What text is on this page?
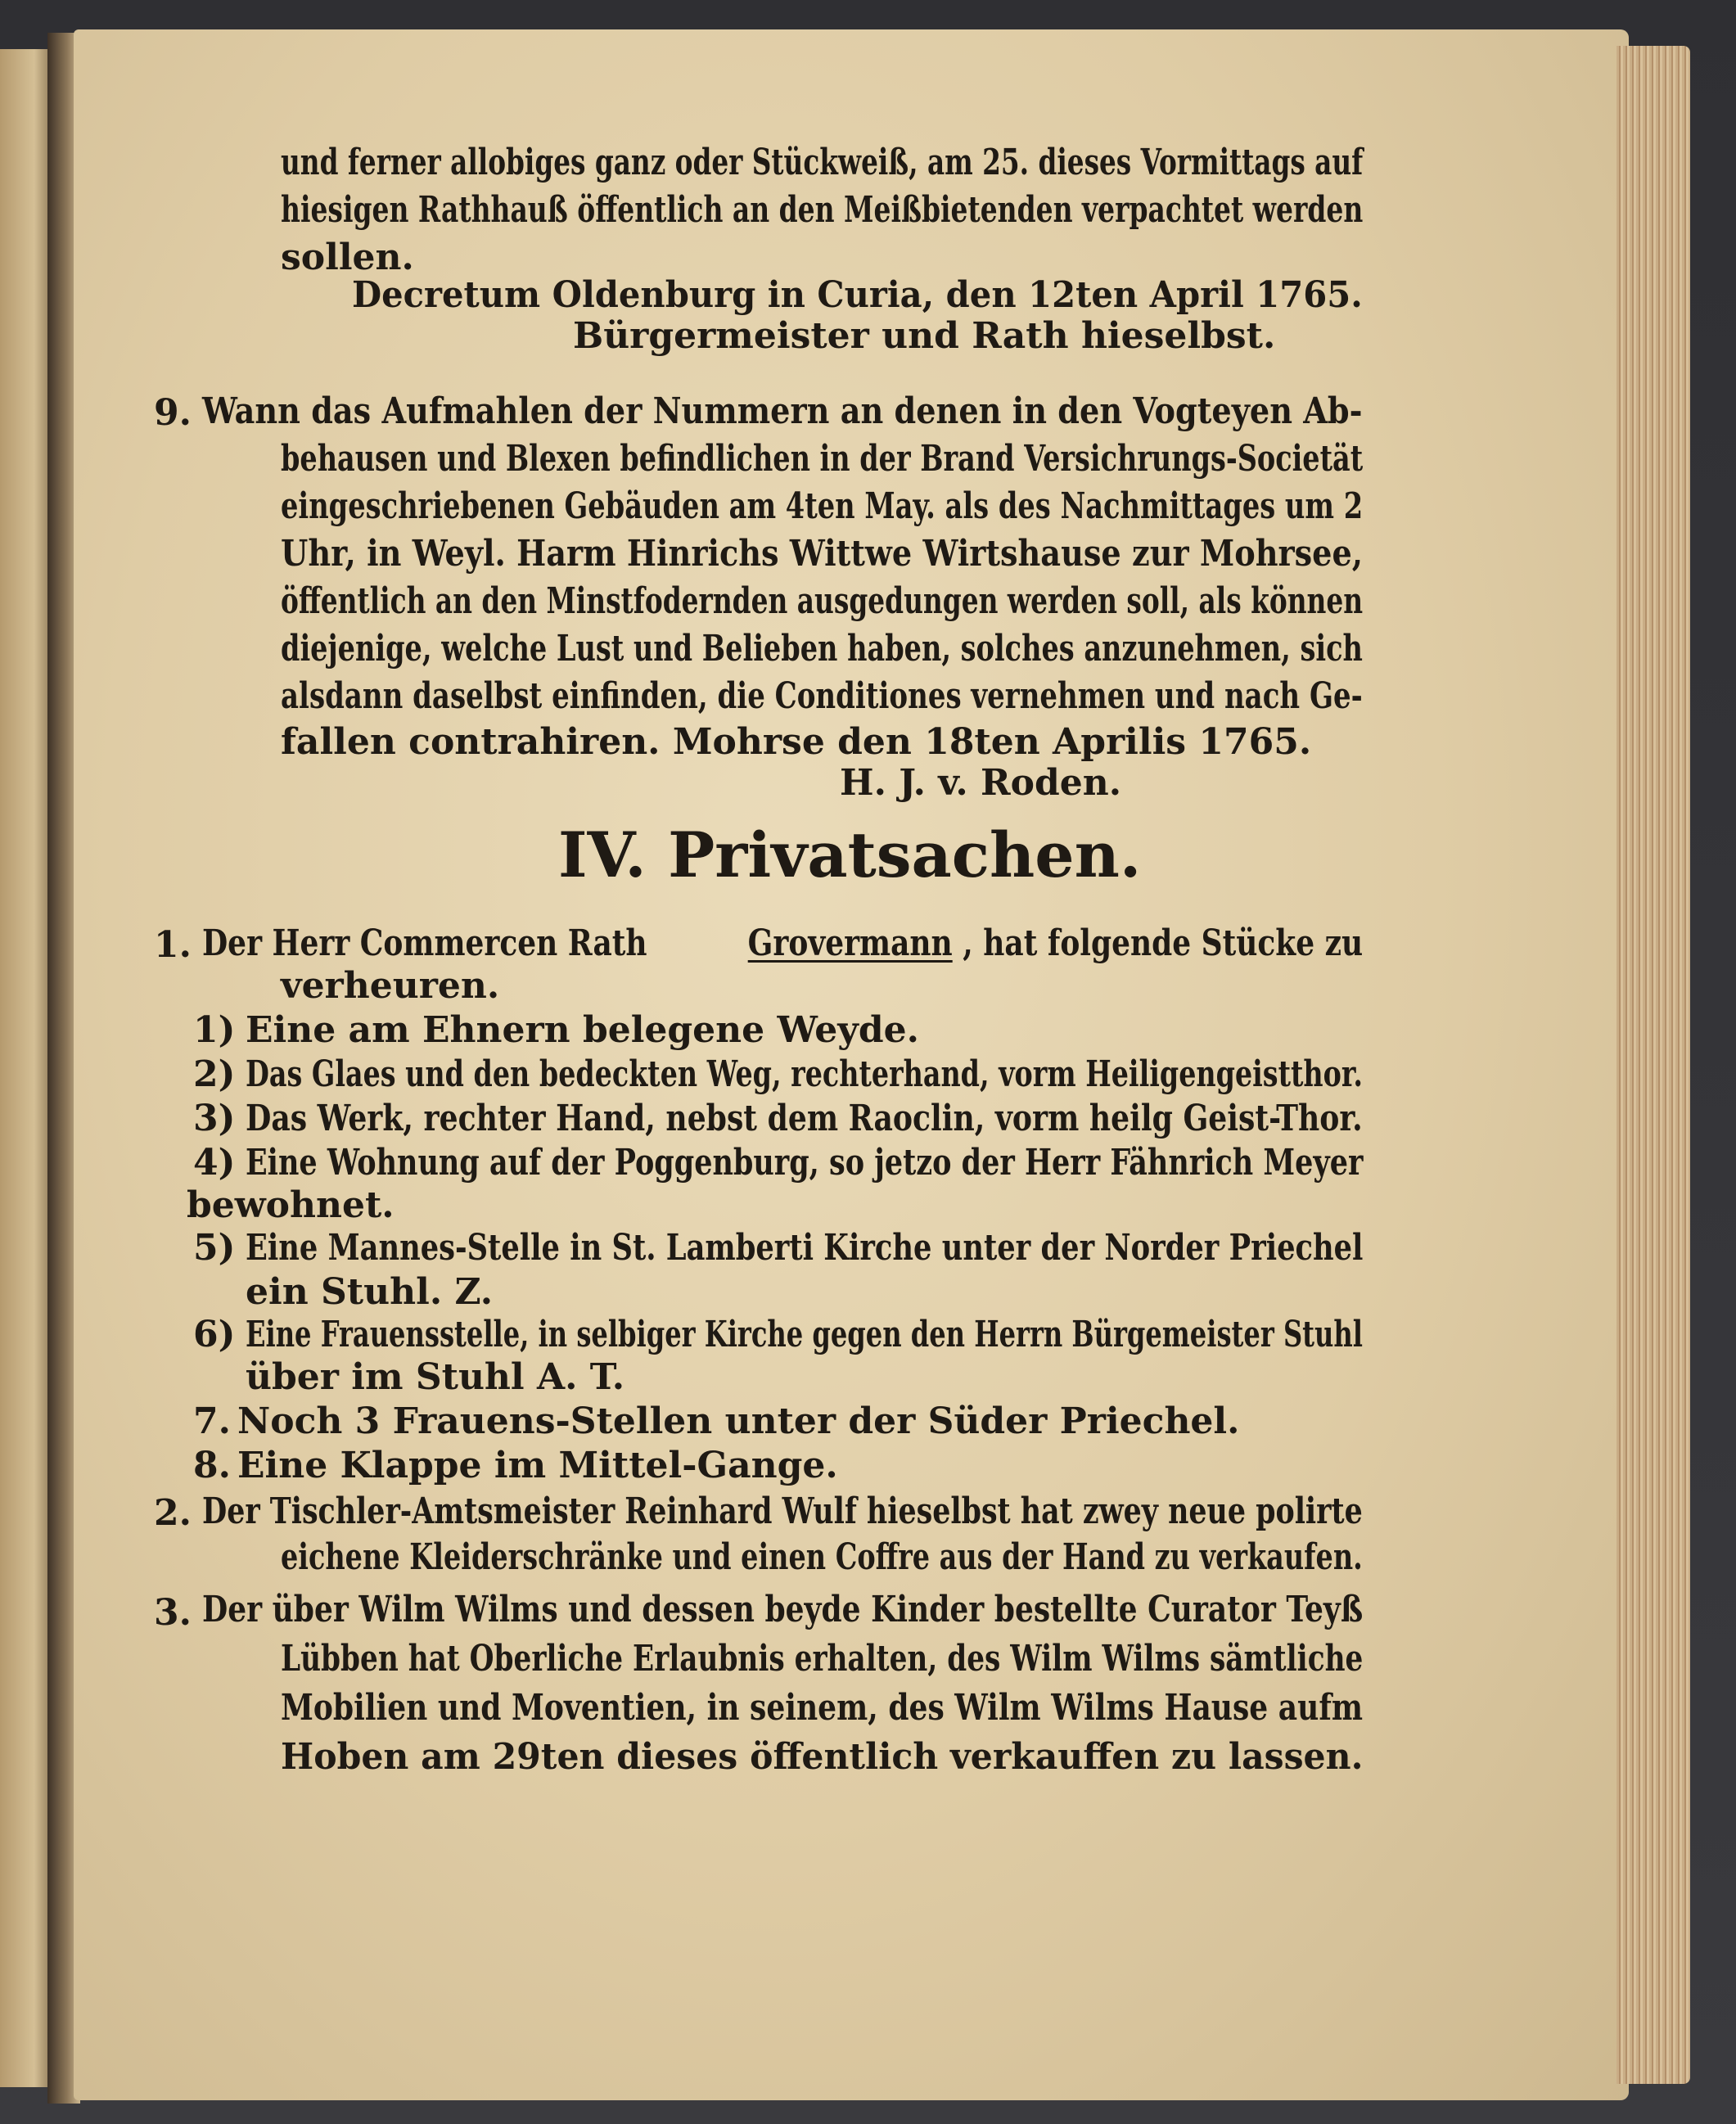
und ferner allobiges ganz oder Stückweiß, am 25. dieses Vormittags auf
hiesigen Rathhauß öffentlich an den Meißbietenden verpachtet werden
sollen.
Decretum Oldenburg in Curia, den 12ten April 1765.
Bürgermeister und Rath hieselbst.
9. Wann das Aufmahlen der Nummern an denen in den Vogteyen Ab-
behausen und Blexen befindlichen in der Brand Versichrungs-Societät
eingeschriebenen Gebäuden am 4ten May. als des Nachmittages um 2
Uhr, in Weyl. Harm Hinrichs Wittwe Wirtshause zur Mohrsee,
öffentlich an den Minstfodernden ausgedungen werden soll, als können
diejenige, welche Lust und Belieben haben, solches anzunehmen, sich
alsdann daselbst einfinden, die Conditiones vernehmen und nach Ge-
fallen contrahiren. Mohrse den 18ten Aprilis 1765.
H. J. v. Roden.
IV. Privatsachen.
1. Der Herr Commercen Rath	Grovermann , hat folgende Stücke zu
verheuren.
1) Eine am Ehnern belegene Weyde.
2) Das Glaes und den bedeckten Weg, rechterhand, vorm Heiligengeistthor.
3) Das Werk, rechter Hand, nebst dem Raoclin, vorm heilg Geist-Thor.
4) Eine Wohnung auf der Poggenburg, so jetzo der Herr Fähnrich Meyer
bewohnet.
5) Eine Mannes-Stelle in St. Lamberti Kirche unter der Norder Priechel
ein Stuhl. Z.
6) Eine Frauensstelle, in selbiger Kirche gegen den Herrn Bürgemeister Stuhl
über im Stuhl A. T.
7. Noch 3 Frauens-Stellen unter der Süder Priechel.
8. Eine Klappe im Mittel-Gange.
2. Der Tischler-Amtsmeister Reinhard Wulf hieselbst hat zwey neue polirte
eichene Kleiderschränke und einen Coffre aus der Hand zu verkaufen.
3. Der über Wilm Wilms und dessen beyde Kinder bestellte Curator Teyß
Lübben hat Oberliche Erlaubnis erhalten, des Wilm Wilms sämtliche
Mobilien und Moventien, in seinem, des Wilm Wilms Hause aufm
Hoben am 29ten dieses öffentlich verkauffen zu lassen.
